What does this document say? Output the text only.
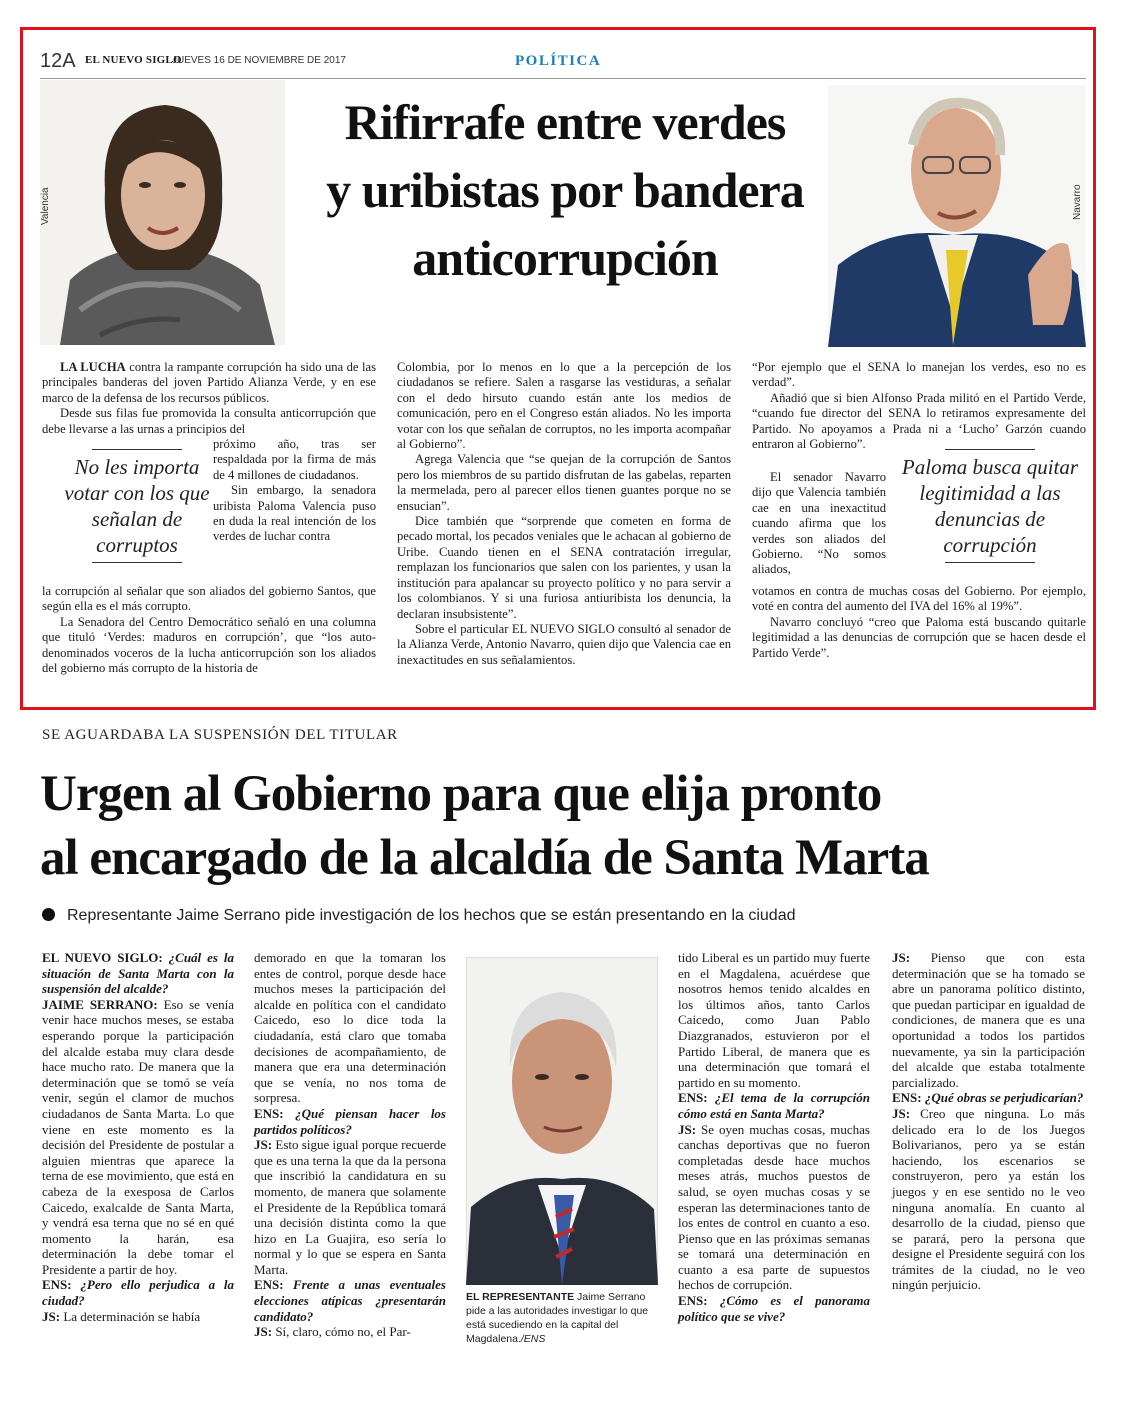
12A EL NUEVO SIGLO
JUEVES 16 DE NOVIEMBRE DE 2017	POLÍTICA
Valencia	Navarro
Rifirrafe entre verdes
y uribistas por bandera
anticorrupción

LA LUCHA contra la rampante corrupción ha sido una de las principales banderas del joven Partido Alianza Verde, y en ese marco de la defensa de los recursos públicos.

Desde sus filas fue promovida la consulta anticorrupción que debe llevarse a las urnas a principios del

próximo año, tras ser respaldada por la firma de más de 4 millones de ciudadanos.

Sin embargo, la senadora uribista Paloma Valencia puso en duda la real intención de los verdes de luchar contra

la corrupción al señalar que son aliados del gobierno Santos, que según ella es el más corrupto.

La Senadora del Centro Democrático señaló en una columna que tituló ‘Verdes: maduros en corrupción’, que “los auto-denominados voceros de la lucha anticorrupción son los aliados del gobierno más corrupto de la historia de

No les importa votar con los que señalan de corruptos

Colombia, por lo menos en lo que a la percepción de los ciudadanos se refiere. Salen a rasgarse las vestiduras, a señalar con el dedo hirsuto cuando están ante los medios de comunicación, pero en el Congreso están aliados. No les importa votar con los que señalan de corruptos, no les importa acompañar al Gobierno”.

Agrega Valencia que “se quejan de la corrupción de Santos pero los miembros de su partido disfrutan de las gabelas, reparten la mermelada, pero al parecer ellos tienen guantes porque no se ensucian”.

Dice también que “sorprende que cometen en forma de pecado mortal, los pecados veniales que le achacan al gobierno de Uribe. Cuando tienen en el SENA contratación irregular, remplazan los funcionarios que salen con los parientes, y usan la institución para apalancar su proyecto político y no para servir a los colombianos. Y si una furiosa antiuribista los denuncia, la declaran insubsistente”.

Sobre el particular EL NUEVO SIGLO consultó al senador de la Alianza Verde, Antonio Navarro, quien dijo que Valencia cae en inexactitudes en sus señalamientos.

“Por ejemplo que el SENA lo manejan los verdes, eso no es verdad”.

Añadió que si bien Alfonso Prada militó en el Partido Verde, “cuando fue director del SENA lo retiramos expresamente del Partido. No apoyamos a Prada ni a ‘Lucho’ Garzón cuando entraron al Gobierno”.

El senador Navarro dijo que Valencia también cae en una inexactitud cuando afirma que los verdes son aliados del Gobierno. “No somos aliados,

votamos en contra de muchas cosas del Gobierno. Por ejemplo, voté en contra del aumento del IVA del 16% al 19%”.

Navarro concluyó “creo que Paloma está buscando quitarle legitimidad a las denuncias de corrupción que se hacen desde el Partido Verde”.

Paloma busca quitar legitimidad a las denuncias de corrupción
SE AGUARDABA LA SUSPENSIÓN DEL TITULAR
Urgen al Gobierno para que elija pronto
al encargado de la alcaldía de Santa Marta
Representante Jaime Serrano pide investigación de los hechos que se están presentando en la ciudad

EL NUEVO SIGLO: ¿Cuál es la situación de Santa Marta con la suspensión del alcalde?

JAIME SERRANO: Eso se venía venir hace muchos meses, se estaba esperando porque la participación del alcalde estaba muy clara desde hace mucho rato. De manera que la determinación que se tomó se veía venir, según el clamor de muchos ciudadanos de Santa Marta. Lo que viene en este momento es la decisión del Presidente de postular a alguien mientras que aparece la terna de ese movimiento, que está en cabeza de la exesposa de Carlos Caicedo, exalcalde de Santa Marta, y vendrá esa terna que no sé en qué momento la harán, esa determinación la debe tomar el Presidente a partir de hoy.

ENS: ¿Pero ello perjudica a la ciudad?

JS: La determinación se había

demorado en que la tomaran los entes de control, porque desde hace muchos meses la participación del alcalde en política con el candidato Caicedo, eso lo dice toda la ciudadanía, está claro que tomaba decisiones de acompañamiento, de manera que era una determinación que se venía, no nos toma de sorpresa.

ENS: ¿Qué piensan hacer los partidos políticos?

JS: Esto sigue igual porque recuerde que es una terna la que da la persona que inscribió la candidatura en su momento, de manera que solamente el Presidente de la República tomará una decisión distinta como la que hizo en La Guajira, eso sería lo normal y lo que se espera en Santa Marta.

ENS: Frente a unas eventuales elecciones atípicas ¿presentarán candidato?

JS: Sí, claro, cómo no, el Par-

EL REPRESENTANTE Jaime Serrano pide a las autoridades investigar lo que está sucediendo en la capital del Magdalena./ENS

tido Liberal es un partido muy fuerte en el Magdalena, acuérdese que nosotros hemos tenido alcaldes en los últimos años, tanto Carlos Caicedo, como Juan Pablo Diazgranados, estuvieron por el Partido Liberal, de manera que es una determinación que tomará el partido en su momento.

ENS: ¿El tema de la corrupción cómo está en Santa Marta?

JS: Se oyen muchas cosas, muchas canchas deportivas que no fueron completadas desde hace muchos meses atrás, muchos puestos de salud, se oyen muchas cosas y se esperan las determinaciones tanto de los entes de control en cuanto a eso. Pienso que en las próximas semanas se tomará una determinación en cuanto a esa parte de supuestos hechos de corrupción.

ENS: ¿Cómo es el panorama político que se vive?

JS: Pienso que con esta determinación que se ha tomado se abre un panorama político distinto, que puedan participar en igualdad de condiciones, de manera que es una oportunidad a todos los partidos nuevamente, ya sin la participación del alcalde que estaba totalmente parcializado.

ENS: ¿Qué obras se perjudicarían?

JS: Creo que ninguna. Lo más delicado era lo de los Juegos Bolivarianos, pero ya se están haciendo, los escenarios se construyeron, pero ya están los juegos y en ese sentido no le veo ninguna anomalía. En cuanto al desarrollo de la ciudad, pienso que se parará, pero la persona que designe el Presidente seguirá con los trámites de la ciudad, no le veo ningún perjuicio.
